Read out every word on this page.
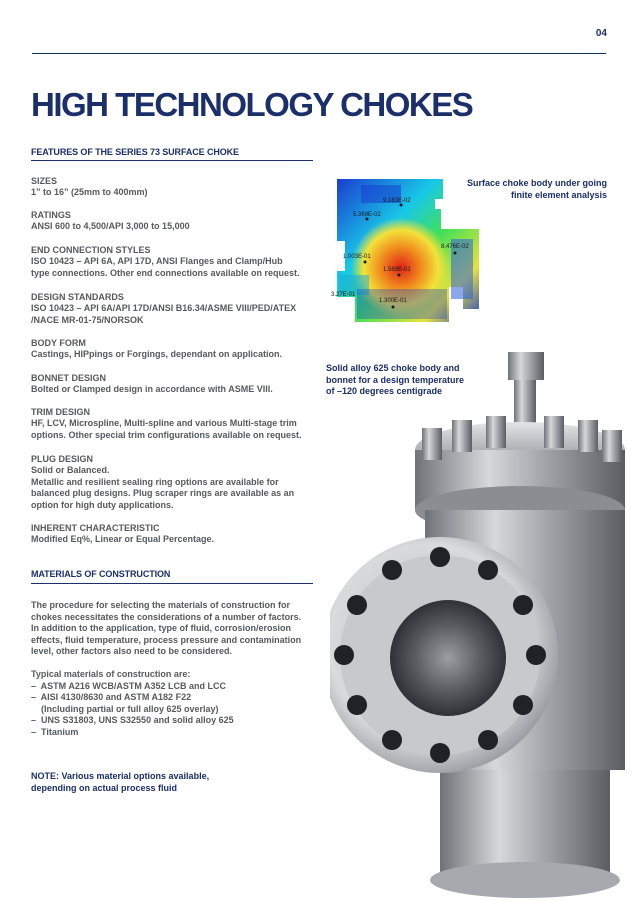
04
HIGH TECHNOLOGY CHOKES
FEATURES OF THE SERIES 73 SURFACE CHOKE
SIZES
1” to 16” (25mm to 400mm)
RATINGS
ANSI 600 to 4,500/API 3,000 to 15,000
END CONNECTION STYLES
ISO 10423 – API 6A, API 17D, ANSI Flanges and Clamp/Hub
type connections. Other end connections available on request.
DESIGN STANDARDS
ISO 10423 – API 6A/API 17D/ANSI B16.34/ASME VIII/PED/ATEX
/NACE MR-01-75/NORSOK
BODY FORM
Castings, HIPpings or Forgings, dependant on application.
BONNET DESIGN
Bolted or Clamped design in accordance with ASME VIII.
TRIM DESIGN
HF, LCV, Microspline, Multi-spline and various Multi-stage trim
options. Other special trim configurations available on request.
PLUG DESIGN
Solid or Balanced.
Metallic and resilient sealing ring options are available for
balanced plug designs. Plug scraper rings are available as an
option for high duty applications.
INHERENT CHARACTERISTIC
Modified Eq%, Linear or Equal Percentage.
MATERIALS OF CONSTRUCTION
The procedure for selecting the materials of construction for
chokes necessitates the considerations of a number of factors.
In addition to the application, type of fluid, corrosion/erosion
effects, fluid temperature, process pressure and contamination
level, other factors also need to be considered.
Typical materials of construction are:
–  ASTM A216 WCB/ASTM A352 LCB and LCC
–  AISI 4130/8630 and ASTM A182 F22
(Including partial or full alloy 625 overlay)
–  UNS S31803, UNS S32550 and solid alloy 625
–  Titanium
NOTE: Various material options available,
depending on actual process fluid
Surface choke body under going
finite element analysis
Solid alloy 625 choke body and
bonnet for a design temperature
of –120 degrees centigrade
9.183E-02
5.369E-02
8.476E-02
1.003E-01
1.569E-01
3.27E-01
1.300E-01
